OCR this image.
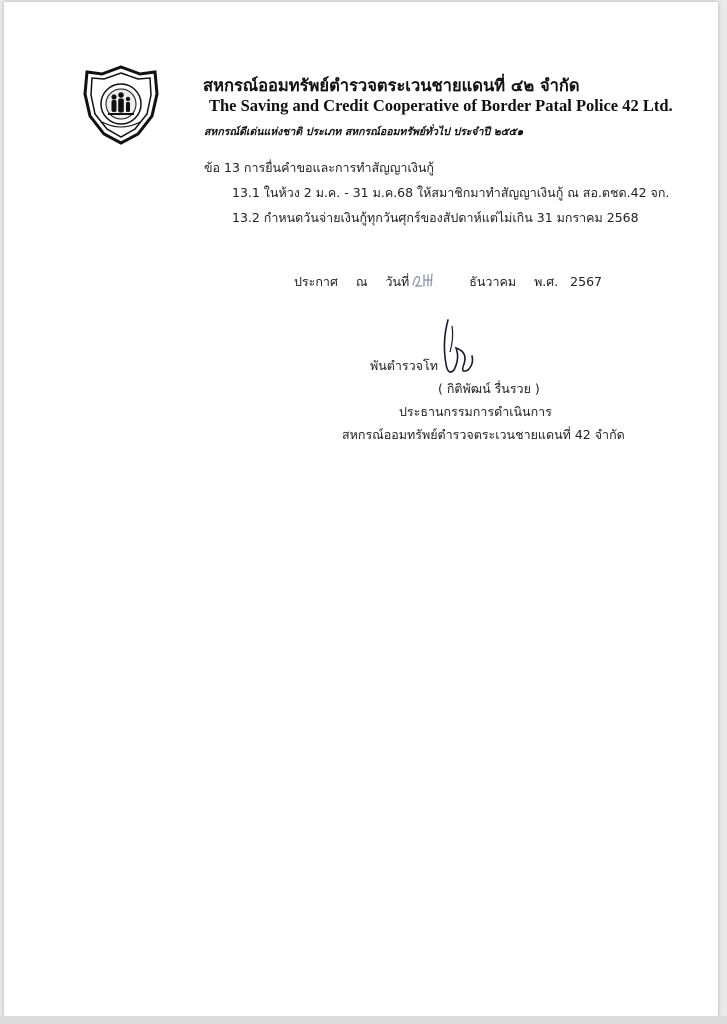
สหกรณ์ออมทรัพย์ตำรวจตระเวนชายแดนที่ ๔๒ จำกัด
The Saving and Credit Cooperative of Border Patal Police 42 Ltd.
สหกรณ์ดีเด่นแห่งชาติ ประเภท สหกรณ์ออมทรัพย์ทั่วไป ประจำปี ๒๕๕๑
ข้อ 13 การยื่นคำขอและการทำสัญญาเงินกู้
13.1 ในห้วง 2 ม.ค. - 31 ม.ค.68 ให้สมาชิกมาทำสัญญาเงินกู้ ณ สอ.ตชด.42 จก.
13.2 กำหนดวันจ่ายเงินกู้ทุกวันศุกร์ของสัปดาห์แต่ไม่เกิน 31 มกราคม 2568
ประกาศ ณ วันที่	ธันวาคม พ.ศ. 2567
พันตำรวจโท
( กิติพัฒน์ รื่นรวย )
ประธานกรรมการดำเนินการ
สหกรณ์ออมทรัพย์ตำรวจตระเวนชายแดนที่ 42 จำกัด
